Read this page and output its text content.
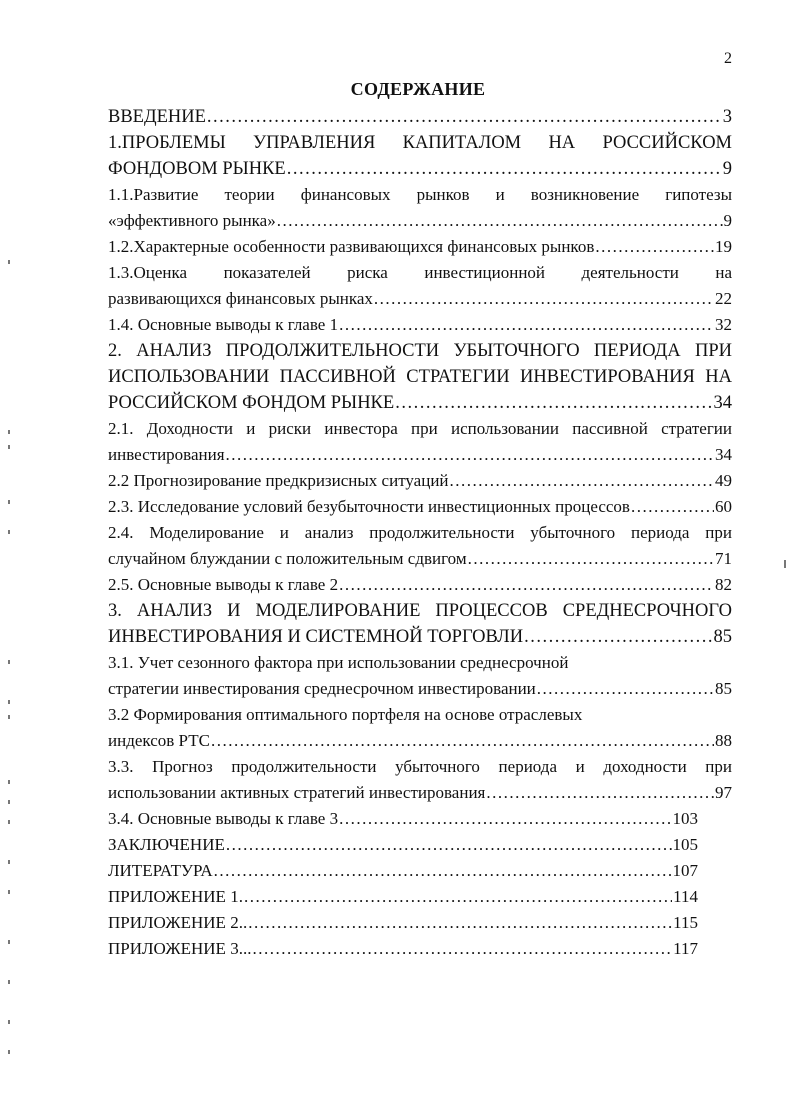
2
СОДЕРЖАНИЕ
ВВЕДЕНИЕ .....	3
1.ПРОБЛЕМЫ УПРАВЛЕНИЯ КАПИТАЛОМ НА РОССИЙСКОМ
ФОНДОВОМ РЫНКЕ .....	9
1.1.Развитие теории финансовых рынков и возникновение гипотезы
«эффективного рынка» .....	9
1.2.Характерные особенности развивающихся финансовых рынков .....	19
1.3.Оценка показателей риска инвестиционной деятельности на
развивающихся финансовых рынках .....	22
1.4. Основные выводы к главе 1 .....	32
2. АНАЛИЗ ПРОДОЛЖИТЕЛЬНОСТИ УБЫТОЧНОГО ПЕРИОДА ПРИ
ИСПОЛЬЗОВАНИИ ПАССИВНОЙ СТРАТЕГИИ ИНВЕСТИРОВАНИЯ НА
РОССИЙСКОМ ФОНДОМ РЫНКЕ .....	34
2.1. Доходности и риски инвестора при использовании пассивной стратегии
инвестирования .....	34
2.2 Прогнозирование предкризисных ситуаций .....	49
2.3. Исследование условий безубыточности инвестиционных процессов .....	60
2.4. Моделирование и анализ продолжительности убыточного периода при
случайном блуждании с положительным сдвигом .....	71
2.5. Основные выводы к главе 2 .....	82
3. АНАЛИЗ И МОДЕЛИРОВАНИЕ ПРОЦЕССОВ СРЕДНЕСРОЧНОГО
ИНВЕСТИРОВАНИЯ И СИСТЕМНОЙ ТОРГОВЛИ .....	85
3.1. Учет сезонного фактора при использовании среднесрочной
стратегии инвестирования среднесрочном инвестировании .....	85
3.2 Формирования оптимального портфеля на основе отраслевых
индексов РТС .....	88
3.3. Прогноз продолжительности убыточного периода и доходности при
использовании активных стратегий инвестирования .....	97
3.4. Основные выводы к главе 3 .....	103
ЗАКЛЮЧЕНИЕ .....	105
ЛИТЕРАТУРА .....	107
ПРИЛОЖЕНИЕ 1. .....	114
ПРИЛОЖЕНИЕ 2.. .....	115
ПРИЛОЖЕНИЕ 3... .....	117
